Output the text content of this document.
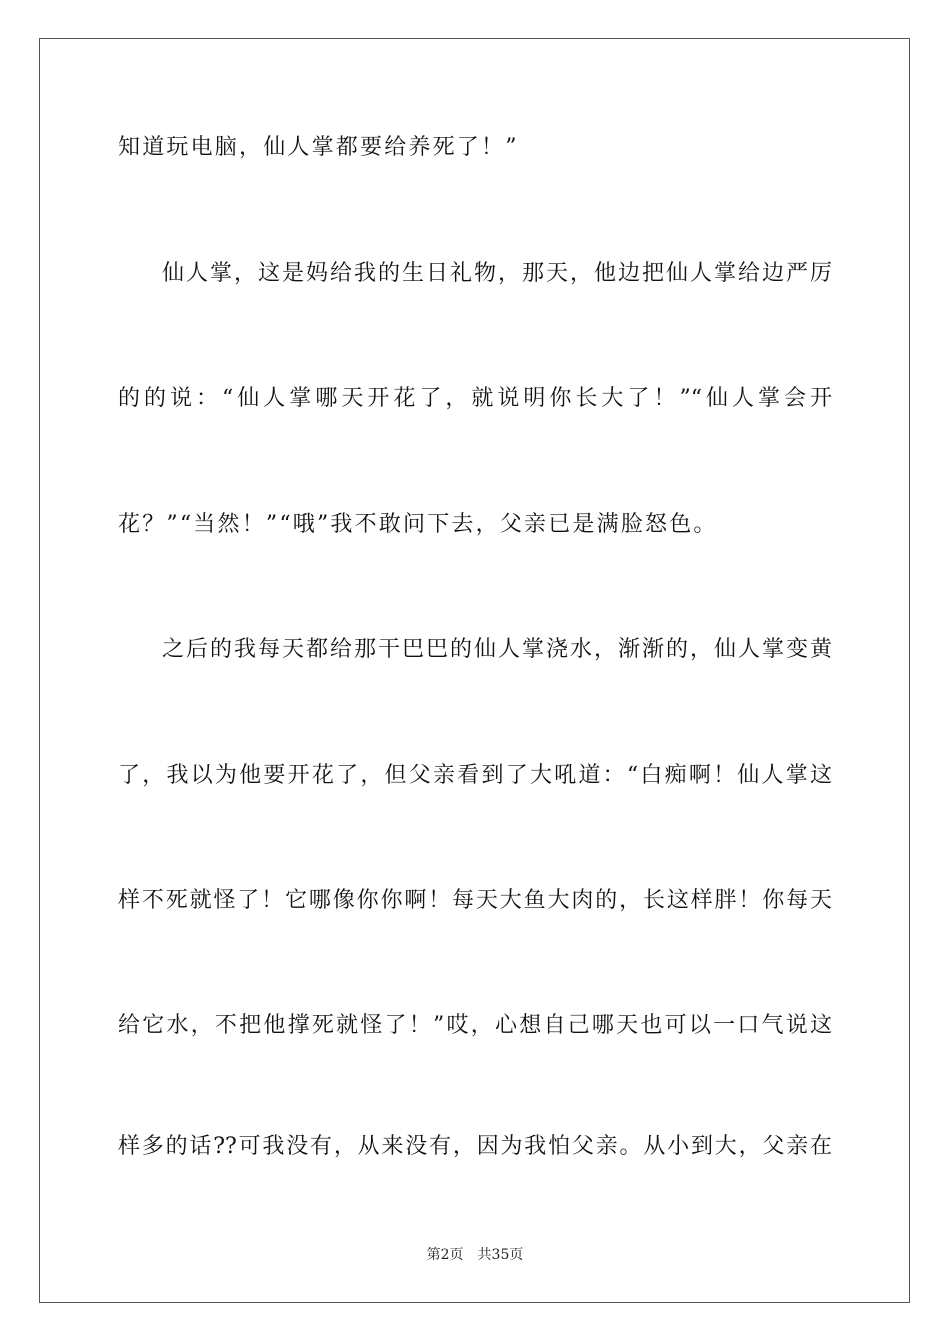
知道玩电脑，仙人掌都要给养死了！”
仙人掌，这是妈给我的生日礼物，那天，他边把仙人掌给边严厉
的的说：“仙人掌哪天开花了，就说明你长大了！”“仙人掌会开
花？”“当然！”“哦”我不敢问下去，父亲已是满脸怒色。
之后的我每天都给那干巴巴的仙人掌浇水，渐渐的，仙人掌变黄
了，我以为他要开花了，但父亲看到了大吼道：“白痴啊！仙人掌这
样不死就怪了！它哪像你你啊！每天大鱼大肉的，长这样胖！你每天
给它水，不把他撑死就怪了！”哎，心想自己哪天也可以一口气说这
样多的话??可我没有，从来没有，因为我怕父亲。从小到大，父亲在
第2页 共35页
